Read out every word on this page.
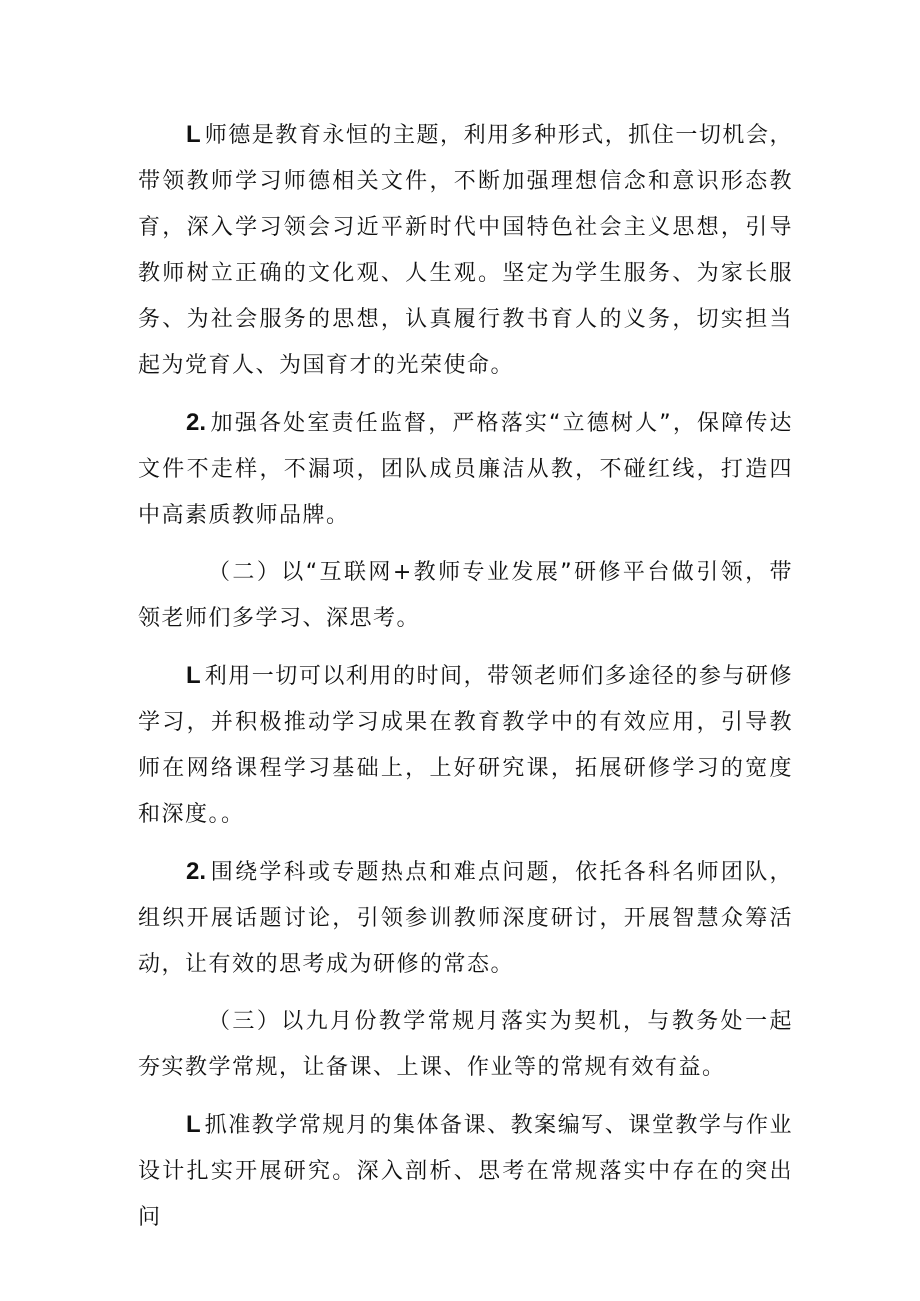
L 师德是教育永恒的主题，利用多种形式，抓住一切机会，带领教师学习师德相关文件，不断加强理想信念和意识形态教育，深入学习领会习近平新时代中国特色社会主义思想，引导教师树立正确的文化观、人生观。坚定为学生服务、为家长服务、为社会服务的思想，认真履行教书育人的义务，切实担当起为党育人、为国育才的光荣使命。

2. 加强各处室责任监督，严格落实“立德树人”，保障传达文件不走样，不漏项，团队成员廉洁从教，不碰红线，打造四中高素质教师品牌。

（二）以“互联网+教师专业发展”研修平台做引领，带领老师们多学习、深思考。

L 利用一切可以利用的时间，带领老师们多途径的参与研修学习，并积极推动学习成果在教育教学中的有效应用，引导教师在网络课程学习基础上，上好研究课，拓展研修学习的宽度和深度。。

2. 围绕学科或专题热点和难点问题，依托各科名师团队，组织开展话题讨论，引领参训教师深度研讨，开展智慧众筹活动，让有效的思考成为研修的常态。

（三）以九月份教学常规月落实为契机，与教务处一起夯实教学常规，让备课、上课、作业等的常规有效有益。

L 抓准教学常规月的集体备课、教案编写、课堂教学与作业设计扎实开展研究。深入剖析、思考在常规落实中存在的突出问
